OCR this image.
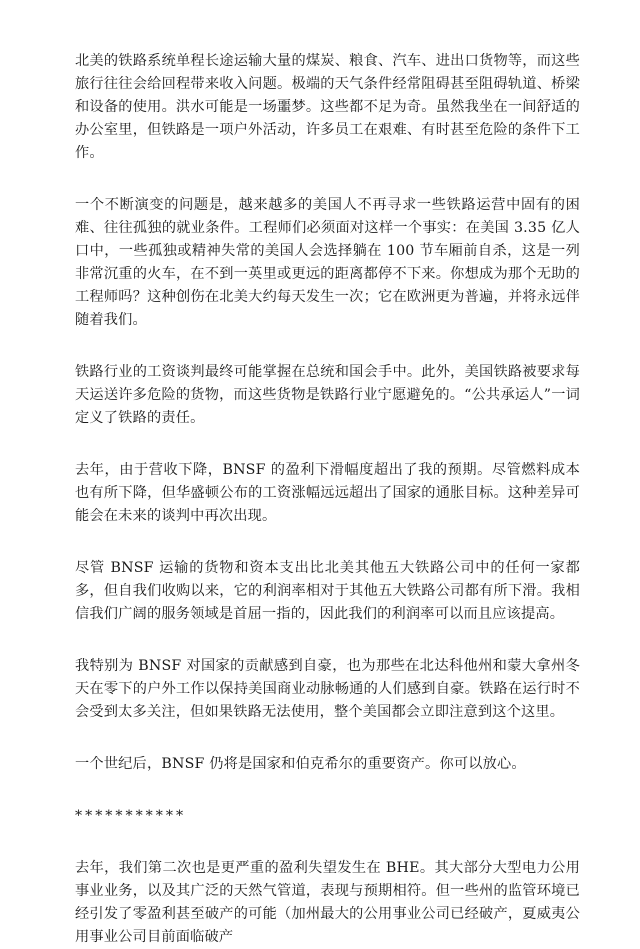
北美的铁路系统单程长途运输大量的煤炭、粮食、汽车、进出口货物等，而这些旅行往往会给回程带来收入问题。极端的天气条件经常阻碍甚至阻碍轨道、桥梁和设备的使用。洪水可能是一场噩梦。这些都不足为奇。虽然我坐在一间舒适的办公室里，但铁路是一项户外活动，许多员工在艰难、有时甚至危险的条件下工作。

一个不断演变的问题是，越来越多的美国人不再寻求一些铁路运营中固有的困难、往往孤独的就业条件。工程师们必须面对这样一个事实：在美国 3.35 亿人口中，一些孤独或精神失常的美国人会选择躺在 100 节车厢前自杀，这是一列非常沉重的火车，在不到一英里或更远的距离都停不下来。你想成为那个无助的工程师吗？这种创伤在北美大约每天发生一次；它在欧洲更为普遍，并将永远伴随着我们。

铁路行业的工资谈判最终可能掌握在总统和国会手中。此外，美国铁路被要求每天运送许多危险的货物，而这些货物是铁路行业宁愿避免的。“公共承运人”一词定义了铁路的责任。

去年，由于营收下降，BNSF 的盈利下滑幅度超出了我的预期。尽管燃料成本也有所下降，但华盛顿公布的工资涨幅远远超出了国家的通胀目标。这种差异可能会在未来的谈判中再次出现。

尽管 BNSF 运输的货物和资本支出比北美其他五大铁路公司中的任何一家都多，但自我们收购以来，它的利润率相对于其他五大铁路公司都有所下滑。我相信我们广阔的服务领域是首屈一指的，因此我们的利润率可以而且应该提高。

我特别为 BNSF 对国家的贡献感到自豪，也为那些在北达科他州和蒙大拿州冬天在零下的户外工作以保持美国商业动脉畅通的人们感到自豪。铁路在运行时不会受到太多关注，但如果铁路无法使用，整个美国都会立即注意到这个这里。

一个世纪后，BNSF 仍将是国家和伯克希尔的重要资产。你可以放心。

***********

去年，我们第二次也是更严重的盈利失望发生在 BHE。其大部分大型电力公用事业业务，以及其广泛的天然气管道，表现与预期相符。但一些州的监管环境已经引发了零盈利甚至破产的可能（加州最大的公用事业公司已经破产，夏威夷公用事业公司目前面临破产
